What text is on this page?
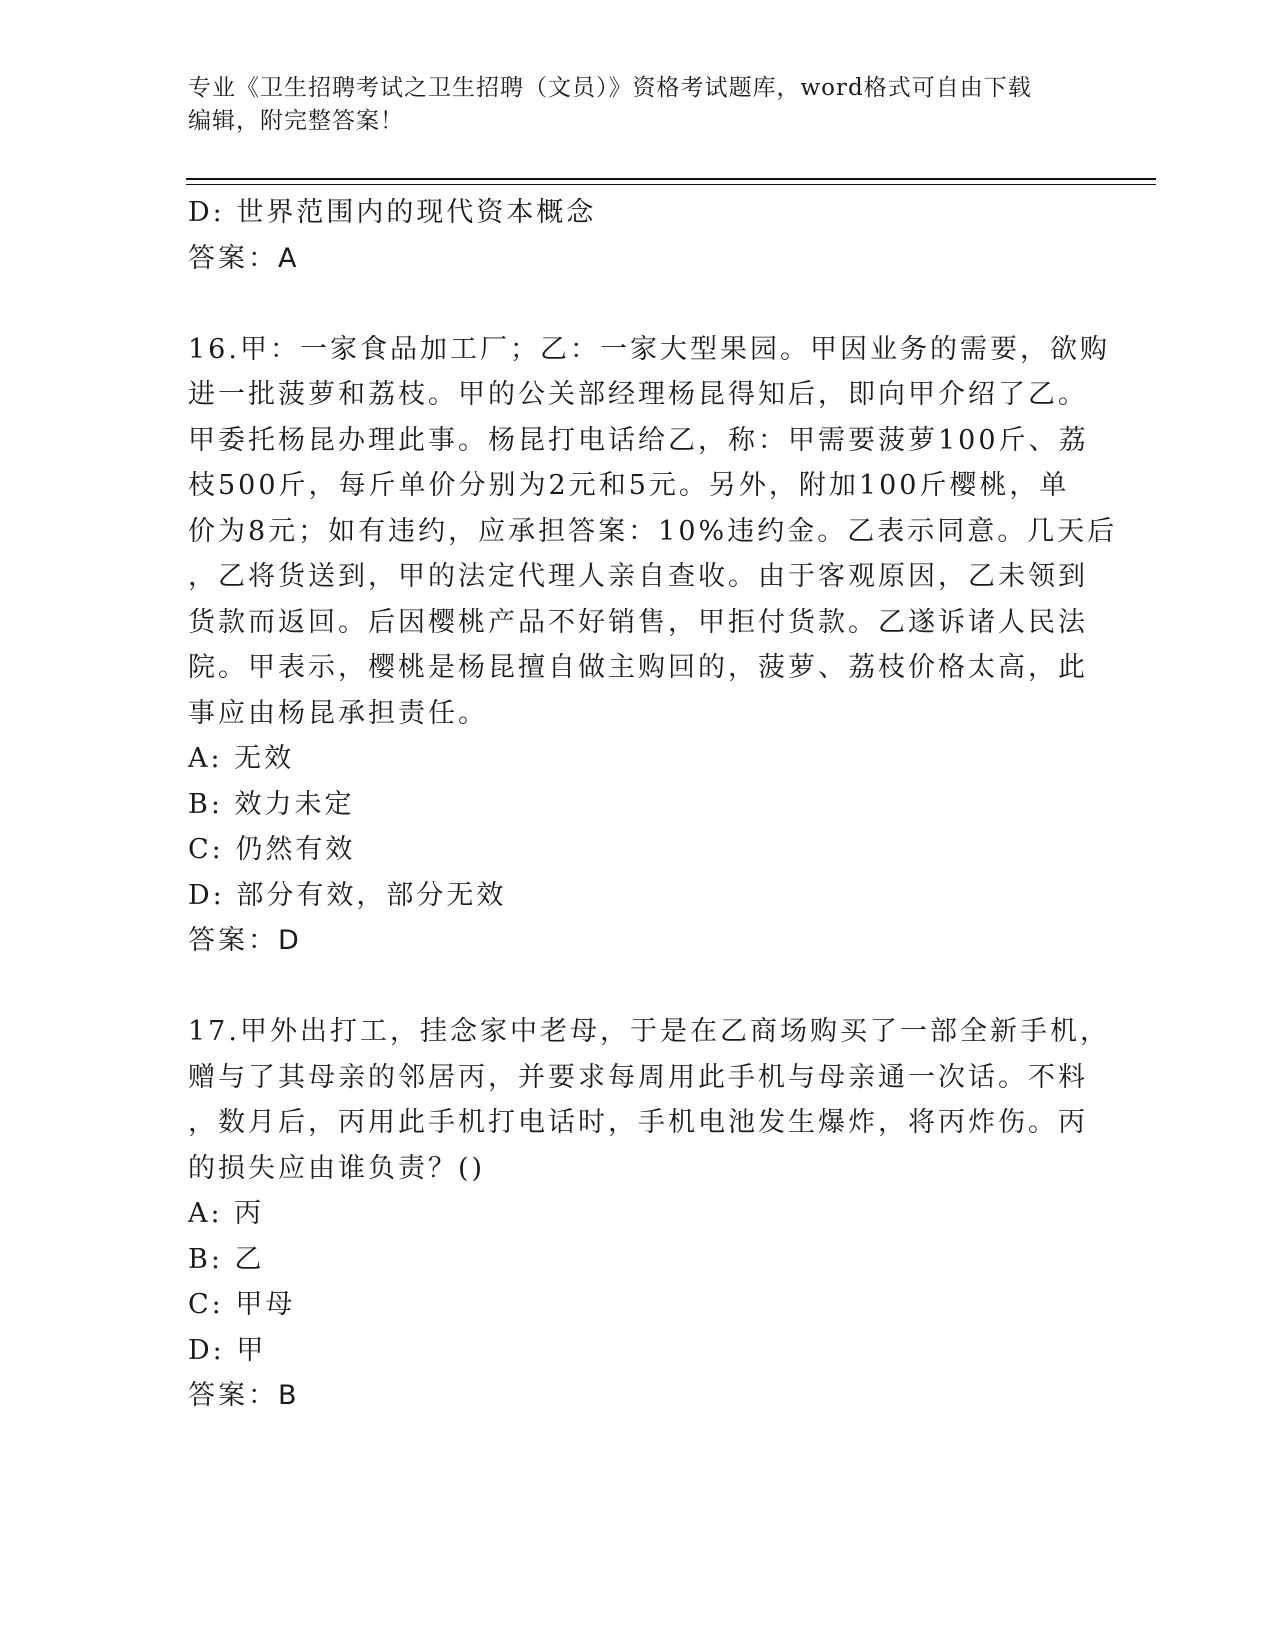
专业《卫生招聘考试之卫生招聘（文员）》资格考试题库，word格式可自由下载
编辑，附完整答案！
D: 世界范围内的现代资本概念
答案：A
16.甲：一家食品加工厂；乙：一家大型果园。甲因业务的需要，欲购
进一批菠萝和荔枝。甲的公关部经理杨昆得知后，即向甲介绍了乙。
甲委托杨昆办理此事。杨昆打电话给乙，称：甲需要菠萝100斤、荔
枝500斤，每斤单价分别为2元和5元。另外，附加100斤樱桃，单
价为8元；如有违约，应承担答案：10%违约金。乙表示同意。几天后
，乙将货送到，甲的法定代理人亲自查收。由于客观原因，乙未领到
货款而返回。后因樱桃产品不好销售，甲拒付货款。乙遂诉诸人民法
院。甲表示，樱桃是杨昆擅自做主购回的，菠萝、荔枝价格太高，此
事应由杨昆承担责任。
A: 无效
B: 效力未定
C: 仍然有效
D: 部分有效，部分无效
答案：D
17.甲外出打工，挂念家中老母，于是在乙商场购买了一部全新手机，
赠与了其母亲的邻居丙，并要求每周用此手机与母亲通一次话。不料
，数月后，丙用此手机打电话时，手机电池发生爆炸，将丙炸伤。丙
的损失应由谁负责？()
A: 丙
B: 乙
C: 甲母
D: 甲
答案：B
